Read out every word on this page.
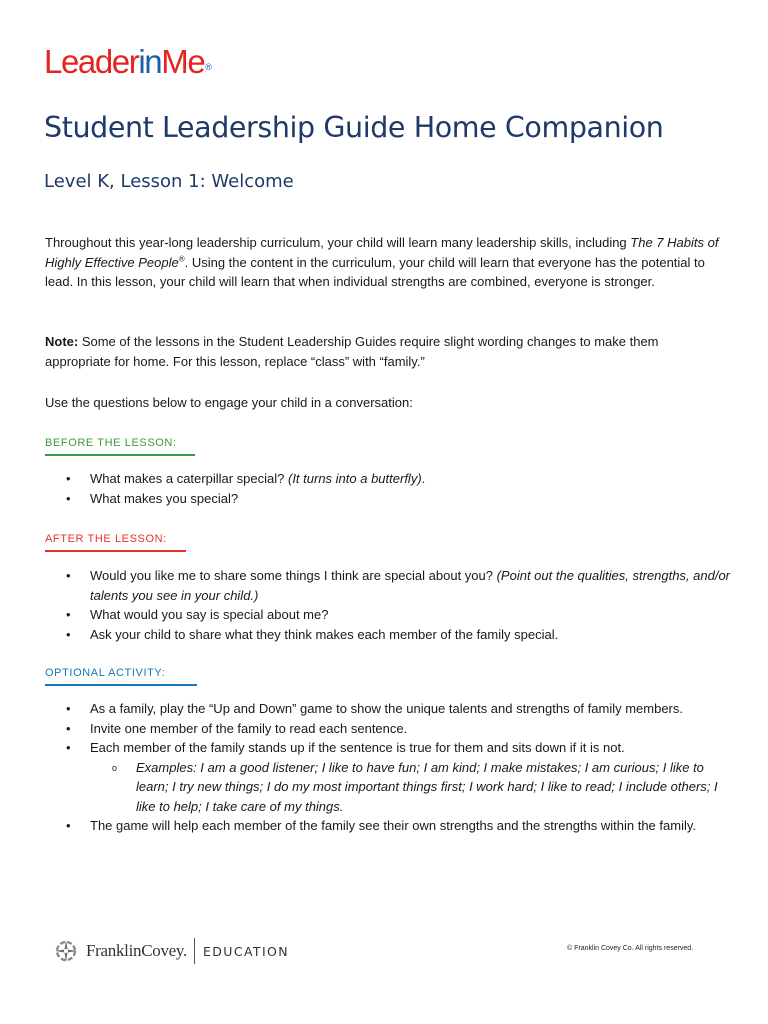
LeaderinMe®
Student Leadership Guide Home Companion
Level K, Lesson 1: Welcome
Throughout this year-long leadership curriculum, your child will learn many leadership skills, including The 7 Habits of Highly Effective People®. Using the content in the curriculum, your child will learn that everyone has the potential to lead. In this lesson, your child will learn that when individual strengths are combined, everyone is stronger.
Note: Some of the lessons in the Student Leadership Guides require slight wording changes to make them appropriate for home. For this lesson, replace “class” with “family.”
Use the questions below to engage your child in a conversation:
BEFORE THE LESSON:
• What makes a caterpillar special? (It turns into a butterfly).
• What makes you special?
AFTER THE LESSON:
• Would you like me to share some things I think are special about you? (Point out the qualities, strengths, and/or talents you see in your child.)
• What would you say is special about me?
• Ask your child to share what they think makes each member of the family special.
OPTIONAL ACTIVITY:
• As a family, play the “Up and Down” game to show the unique talents and strengths of family members.
• Invite one member of the family to read each sentence.
• Each member of the family stands up if the sentence is true for them and sits down if it is not.
o Examples: I am a good listener; I like to have fun; I am kind; I make mistakes; I am curious; I like to learn; I try new things; I do my most important things first; I work hard; I like to read; I include others; I like to help; I take care of my things.
• The game will help each member of the family see their own strengths and the strengths within the family.
FranklinCovey. EDUCATION	© Franklin Covey Co. All rights reserved.
